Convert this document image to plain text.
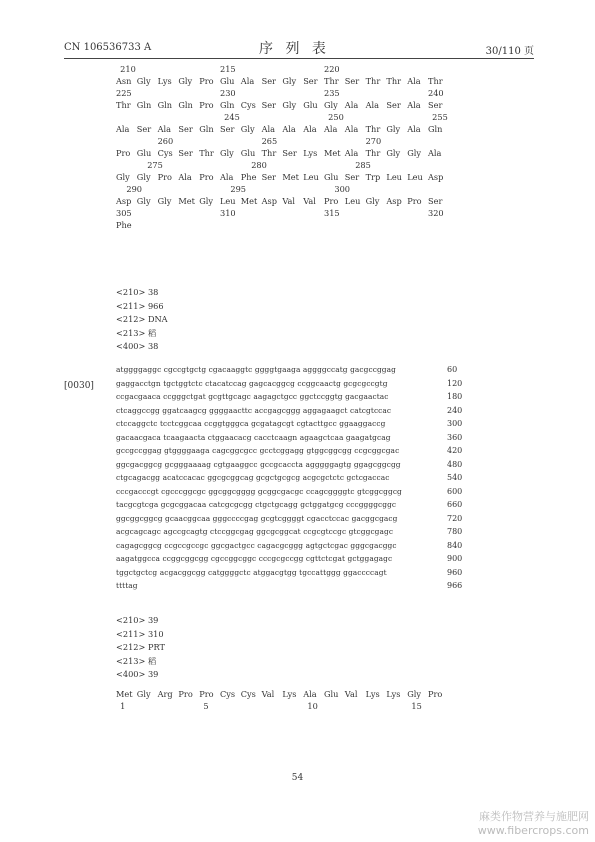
CN 106536733 A	序 列 表	30/110 页
210	215	220
Asn Gly Lys Gly Pro Glu Ala Ser Gly Ser Thr Ser Thr Thr Ala Thr
225	230	235	240
Thr Gln Gln Gln Pro Gln Cys Ser Gly Glu Gly Ala Ala Ser Ala Ser
245	250	255
Ala Ser Ala Ser Gln Ser Gly Ala Ala Ala Ala Ala Thr Gly Ala Gln
260	265	270
Pro Glu Cys Ser Thr Gly Glu Thr Ser Lys Met Ala Thr Gly Gly Ala
275	280	285
Gly Gly Pro Ala Pro Ala Phe Ser Met Leu Glu Ser Trp Leu Leu Asp
290	295	300
Asp Gly Gly Met Gly Leu Met Asp Val Val Pro Leu Gly Asp Pro Ser
305	310	315	320
Phe
<210> 38
<211> 966
<212> DNA
<213> 稻
<400> 38
[0030]
atggggaggc cgccgtgctg cgacaaggtc ggggtgaaga aggggccatg gacgccggag	60
gaggacctgn tgctggtctc ctacatccag gagcacggcg ccggcaactg gcgcgccgtg	120
ccgacgaaca ccgggctgat gcgttgcagc aagagctgcc ggctccggtg gacgaactac	180
ctcaggccgg ggatcaagcg ggggaacttc accgagcggg aggagaagct catcgtccac	240
ctccaggctc tcctcggcaa ccggtgggca gcgatagcgt cgtacttgcc ggaaggaccg	300
gacaacgaca tcaagaacta ctggaacacg cacctcaagn agaagctcaa gaagatgcag	360
gccgccggag gtggggaaga cagcggcgcc gcctcggagg gtggcggcgg ccgcggcgac	420
ggcgacggcg gcgggaaaag cgtgaaggcc gccgcaccta agggggagtg ggagcggcgg	480
ctgcagacgg acatccacac ggcgcggcag gcgctgcgcg acgcgctctc gctcgaccac	540
cccgacccgt cgcccggcgc ggcggcgggg gcggcgacgc ccagcggggtc gtcggcggcg	600
tacgcgtcga gcgcggacaa catcgcgcgg ctgctgcagg gctggatgcg cccggggcggc	660
ggcggcggcg gcaacggcaa gggccccgag gcgtcggggt cgacctccac gacggcgacg	720
acgcagcagc agccgcagtg ctccggcgag ggcgcggcat ccgcgtccgc gtcggcgagc	780
cagagcggcg ccgccgccgc ggcgactgcc cagacgcggg agtgctcgac gggcgacggc	840
aagatggcca ccggcggcgg cgccggcggc cccgcgccgg cgttctcgat gctggagagc	900
tggctgctcg acgacggcgg catggggctc atggacgtgg tgccattggg ggaccccagt	960
ttttag	966
<210> 39
<211> 310
<212> PRT
<213> 稻
<400> 39
Met Gly Arg Pro Pro Cys Cys Val Lys Ala Glu Val Lys Lys Gly Pro
1	5	10	15
54
麻类作物营养与施肥网
www.fibercrops.com
